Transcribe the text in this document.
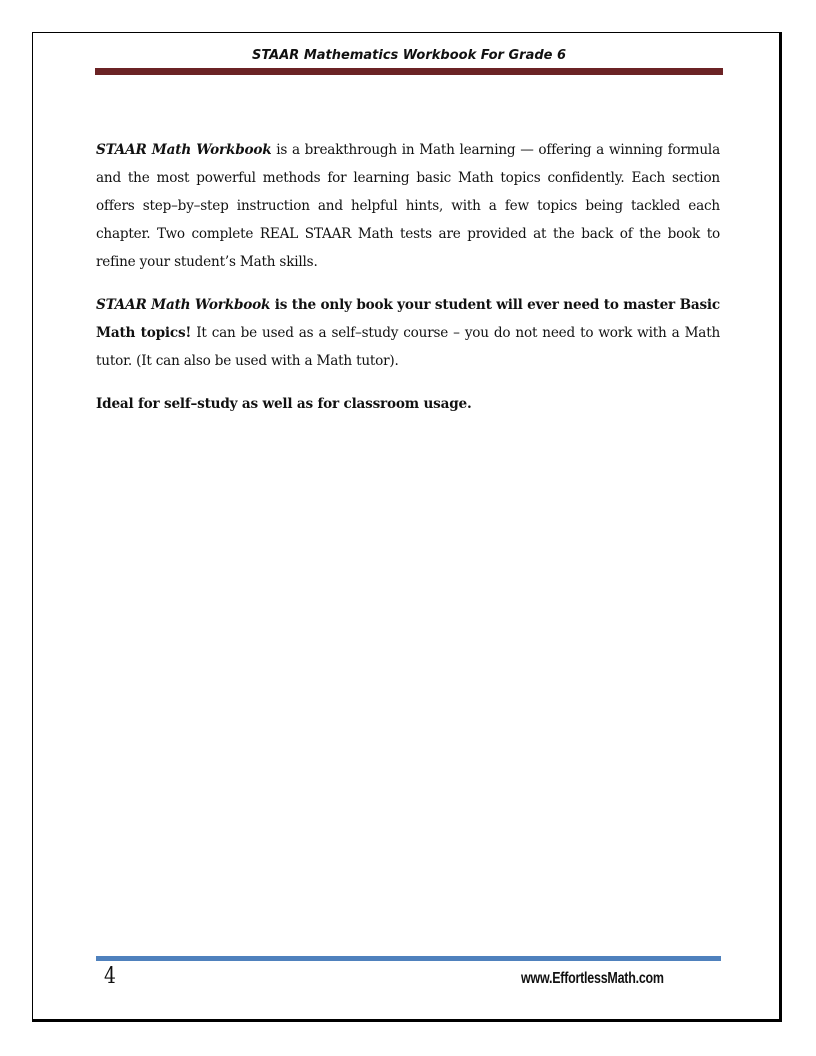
STAAR Mathematics Workbook For Grade 6

STAAR Math Workbook is a breakthrough in Math learning — offering a winning formula and the most powerful methods for learning basic Math topics confidently. Each section offers step–by–step instruction and helpful hints, with a few topics being tackled each chapter. Two complete REAL STAAR Math tests are provided at the back of the book to refine your student’s Math skills.

STAAR Math Workbook is the only book your student will ever need to master Basic Math topics! It can be used as a self–study course – you do not need to work with a Math tutor. (It can also be used with a Math tutor).

Ideal for self–study as well as for classroom usage.

4	www.EffortlessMath.com
